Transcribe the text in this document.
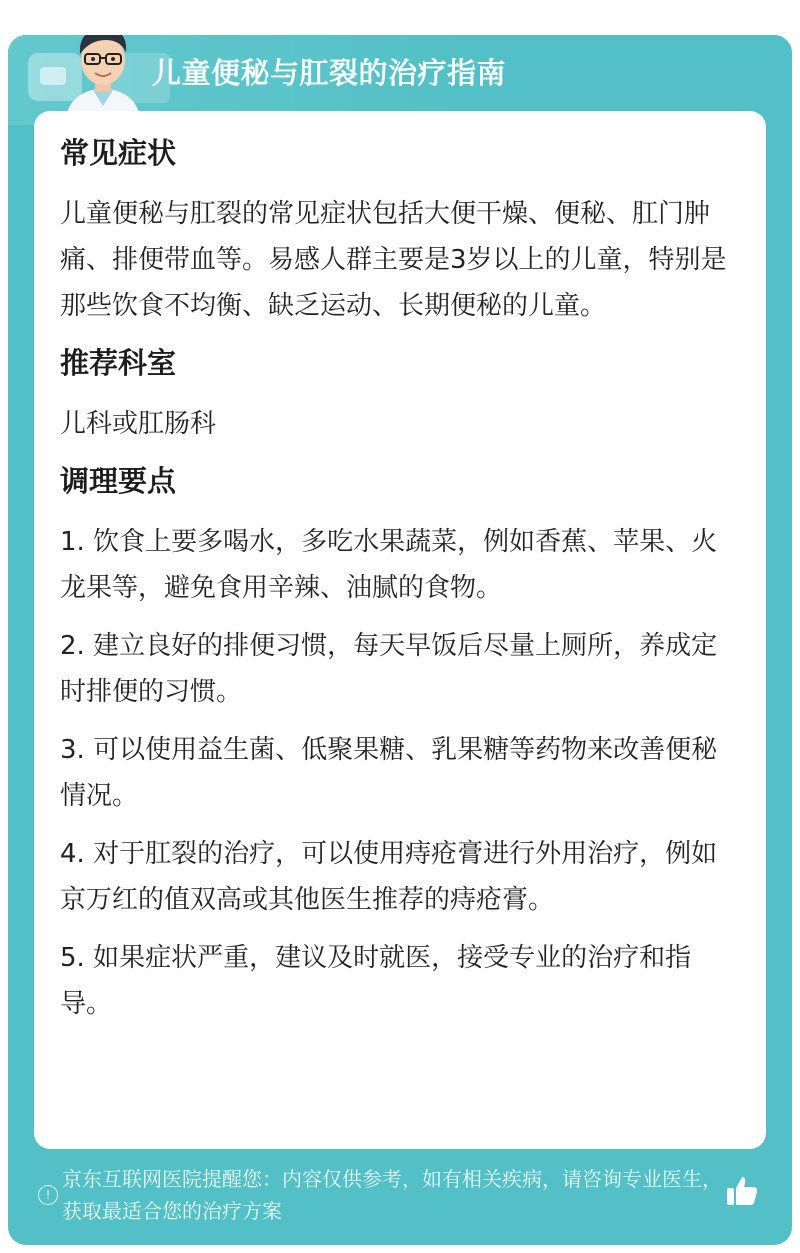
儿童便秘与肛裂的治疗指南
常见症状
儿童便秘与肛裂的常见症状包括大便干燥、便秘、肛门肿痛、排便带血等。易感人群主要是3岁以上的儿童，特别是那些饮食不均衡、缺乏运动、长期便秘的儿童。
推荐科室
儿科或肛肠科
调理要点
1. 饮食上要多喝水，多吃水果蔬菜，例如香蕉、苹果、火龙果等，避免食用辛辣、油腻的食物。
2. 建立良好的排便习惯，每天早饭后尽量上厕所，养成定时排便的习惯。
3. 可以使用益生菌、低聚果糖、乳果糖等药物来改善便秘情况。
4. 对于肛裂的治疗，可以使用痔疮膏进行外用治疗，例如京万红的值双高或其他医生推荐的痔疮膏。
5. 如果症状严重，建议及时就医，接受专业的治疗和指导。
!
京东互联网医院提醒您：内容仅供参考，如有相关疾病，请咨询专业医生，获取最适合您的治疗方案
